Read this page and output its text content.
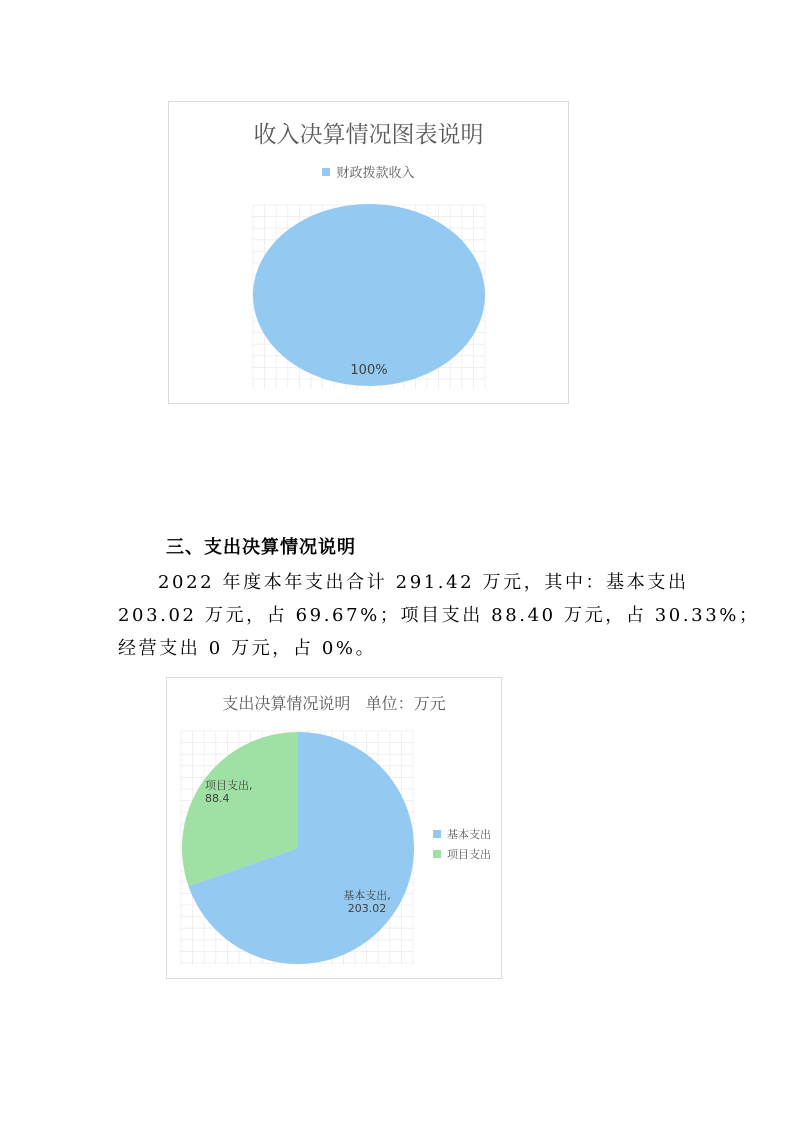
收入决算情况图表说明
财政拨款收入
100%
三、支出决算情况说明
2022 年度本年支出合计 291.42 万元，其中：基本支出
203.02 万元，占 69.67%；项目支出 88.40 万元，占 30.33%；
经营支出 0 万元，占 0%。
支出决算情况说明   单位：万元
项目支出,
88.4
基本支出,
203.02
基本支出
项目支出
